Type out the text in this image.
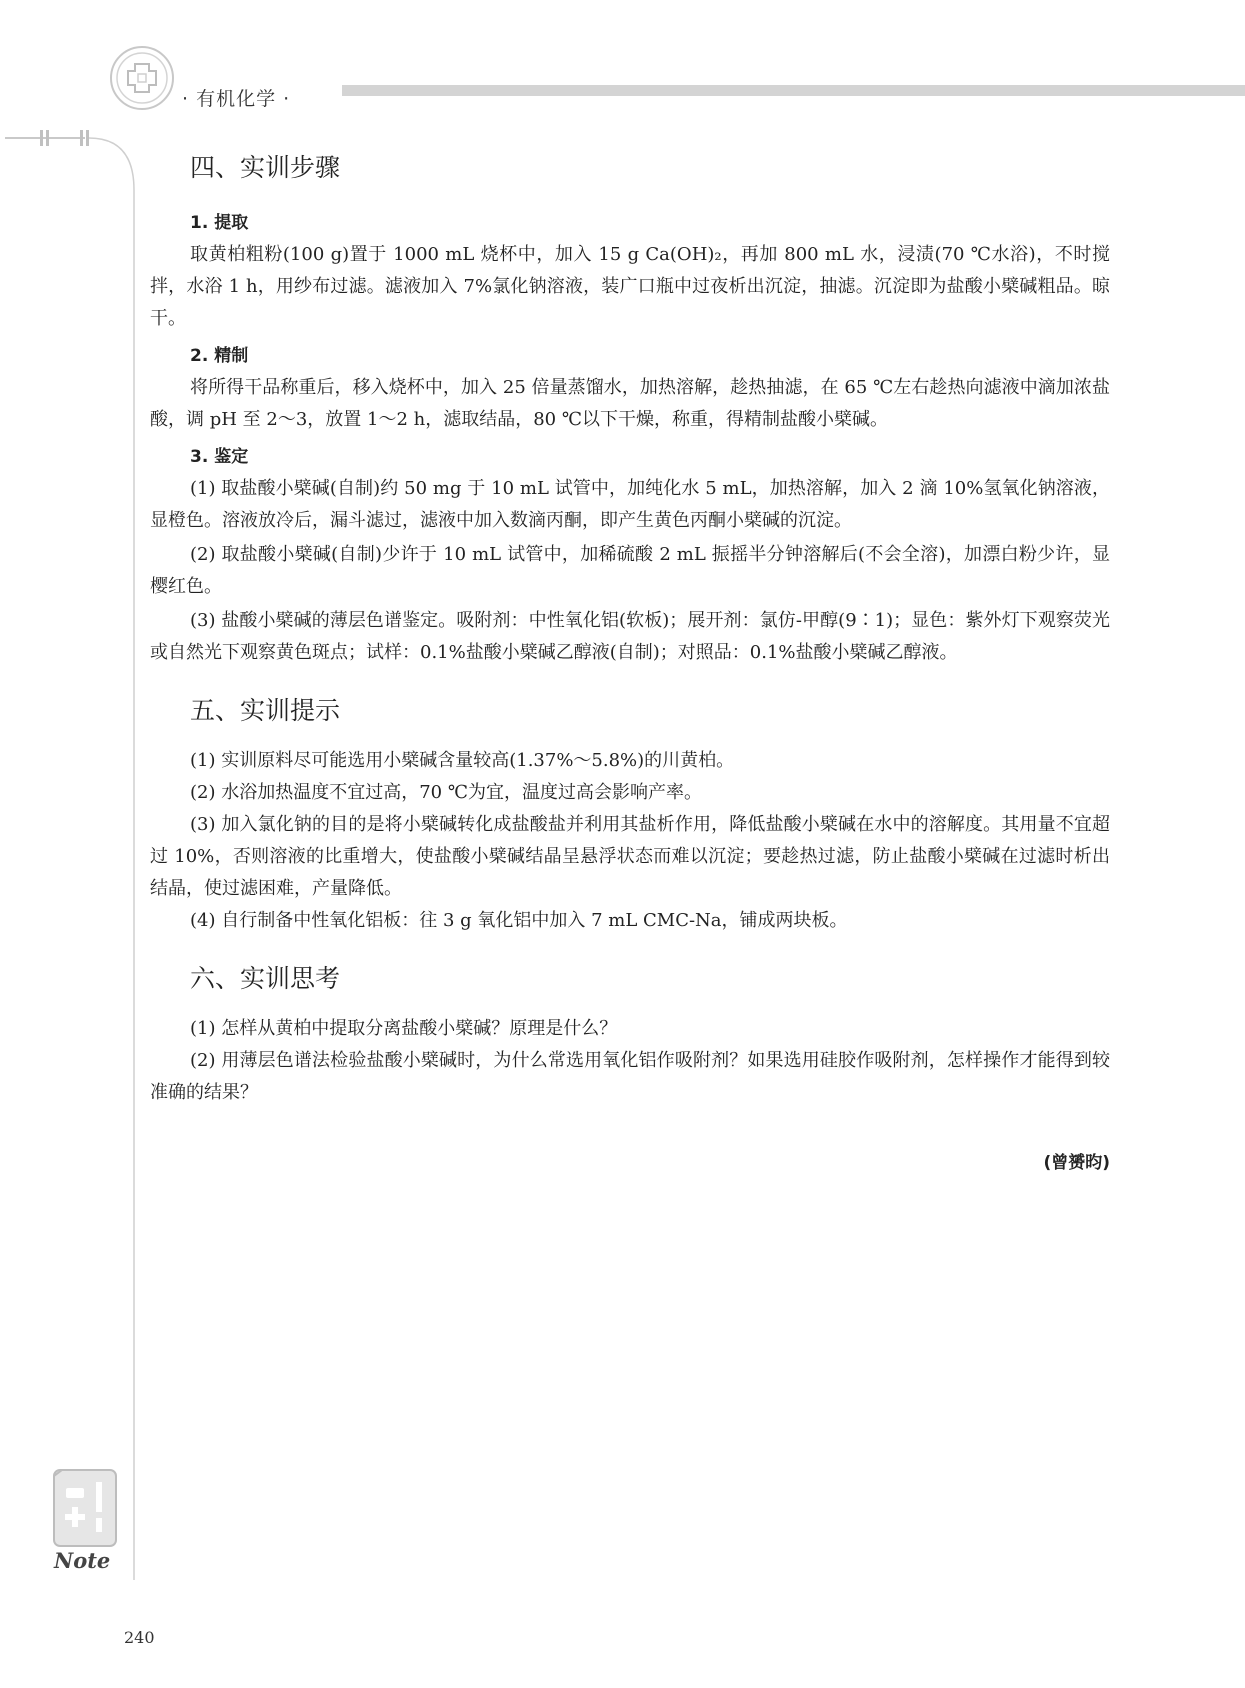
· 有机化学 ·
四、实训步骤
1. 提取

取黄柏粗粉(100 g)置于 1000 mL 烧杯中，加入 15 g Ca(OH)₂，再加 800 mL 水，浸渍(70 ℃水浴)，不时搅拌，水浴 1 h，用纱布过滤。滤液加入 7%氯化钠溶液，装广口瓶中过夜析出沉淀，抽滤。沉淀即为盐酸小檗碱粗品。晾干。

2. 精制

将所得干品称重后，移入烧杯中，加入 25 倍量蒸馏水，加热溶解，趁热抽滤，在 65 ℃左右趁热向滤液中滴加浓盐酸，调 pH 至 2～3，放置 1～2 h，滤取结晶，80 ℃以下干燥，称重，得精制盐酸小檗碱。

3. 鉴定

(1) 取盐酸小檗碱(自制)约 50 mg 于 10 mL 试管中，加纯化水 5 mL，加热溶解，加入 2 滴 10%氢氧化钠溶液，显橙色。溶液放冷后，漏斗滤过，滤液中加入数滴丙酮，即产生黄色丙酮小檗碱的沉淀。

(2) 取盐酸小檗碱(自制)少许于 10 mL 试管中，加稀硫酸 2 mL 振摇半分钟溶解后(不会全溶)，加漂白粉少许，显樱红色。

(3) 盐酸小檗碱的薄层色谱鉴定。吸附剂：中性氧化铝(软板)；展开剂：氯仿-甲醇(9∶1)；显色：紫外灯下观察荧光或自然光下观察黄色斑点；试样：0.1%盐酸小檗碱乙醇液(自制)；对照品：0.1%盐酸小檗碱乙醇液。

五、实训提示

(1) 实训原料尽可能选用小檗碱含量较高(1.37%～5.8%)的川黄柏。

(2) 水浴加热温度不宜过高，70 ℃为宜，温度过高会影响产率。

(3) 加入氯化钠的目的是将小檗碱转化成盐酸盐并利用其盐析作用，降低盐酸小檗碱在水中的溶解度。其用量不宜超过 10%，否则溶液的比重增大，使盐酸小檗碱结晶呈悬浮状态而难以沉淀；要趁热过滤，防止盐酸小檗碱在过滤时析出结晶，使过滤困难，产量降低。

(4) 自行制备中性氧化铝板：往 3 g 氧化铝中加入 7 mL CMC-Na，铺成两块板。

六、实训思考

(1) 怎样从黄柏中提取分离盐酸小檗碱？原理是什么？

(2) 用薄层色谱法检验盐酸小檗碱时，为什么常选用氧化铝作吸附剂？如果选用硅胶作吸附剂，怎样操作才能得到较准确的结果？

(曾赟昀)
Note
240
